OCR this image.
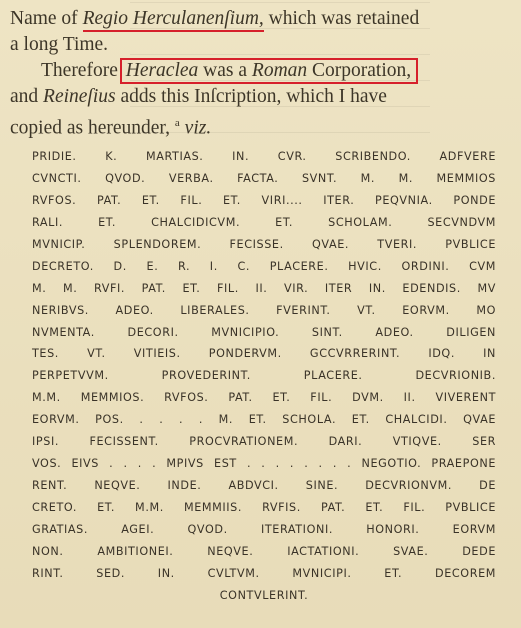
Name of Regio Herculanenſium, which was retained
a long Time.
Therefore Heraclea was a Roman Corporation,
and Reineſius adds this Inſcription, which I have
copied as hereunder, $^a$ viz.
PRIDIE. K. MARTIAS. IN. CVR. SCRIBENDO. ADFVERE
CVNCTI. QVOD. VERBA. FACTA. SVNT. M. M. MEMMIOS
RVFOS. PAT. ET. FIL. ET. VIRI.... ITER. PEQVNIA. PONDE
RALI. ET. CHALCIDICVM. ET. SCHOLAM. SECVNDVM
MVNICIP. SPLENDOREM. FECISSE. QVAE. TVERI. PVBLICE
DECRETO. D. E. R. I. C. PLACERE. HVIC. ORDINI. CVM
M. M. RVFI. PAT. ET. FIL. II. VIR. ITER IN. EDENDIS. MV
NERIBVS. ADEO. LIBERALES. FVERINT. VT. EORVM. MO
NVMENTA. DECORI. MVNICIPIO. SINT. ADEO. DILIGEN
TES. VT. VITIEIS. PONDERVM. GCCVRRERINT. IDQ. IN
PERPETVVM. PROVEDERINT. PLACERE. DECVRIONIB.
M.M. MEMMIOS. RVFOS. PAT. ET. FIL. DVM. II. VIVERENT
EORVM. POS. . . . . M. ET. SCHOLA. ET. CHALCIDI. QVAE
IPSI. FECISSENT. PROCVRATIONEM. DARI. VTIQVE. SER
VOS. EIVS . . . . MPIVS EST . . . . . . . . NEGOTIO. PRAEPONE
RENT. NEQVE. INDE. ABDVCI. SINE. DECVRIONVM. DE
CRETO. ET. M.M. MEMMIIS. RVFIS. PAT. ET. FIL. PVBLICE
GRATIAS. AGEI. QVOD. ITERATIONI. HONORI. EORVM
NON. AMBITIONEI. NEQVE. IACTATIONI. SVAE. DEDE
RINT. SED. IN. CVLTVM. MVNICIPI. ET. DECOREM
CONTVLERINT.
